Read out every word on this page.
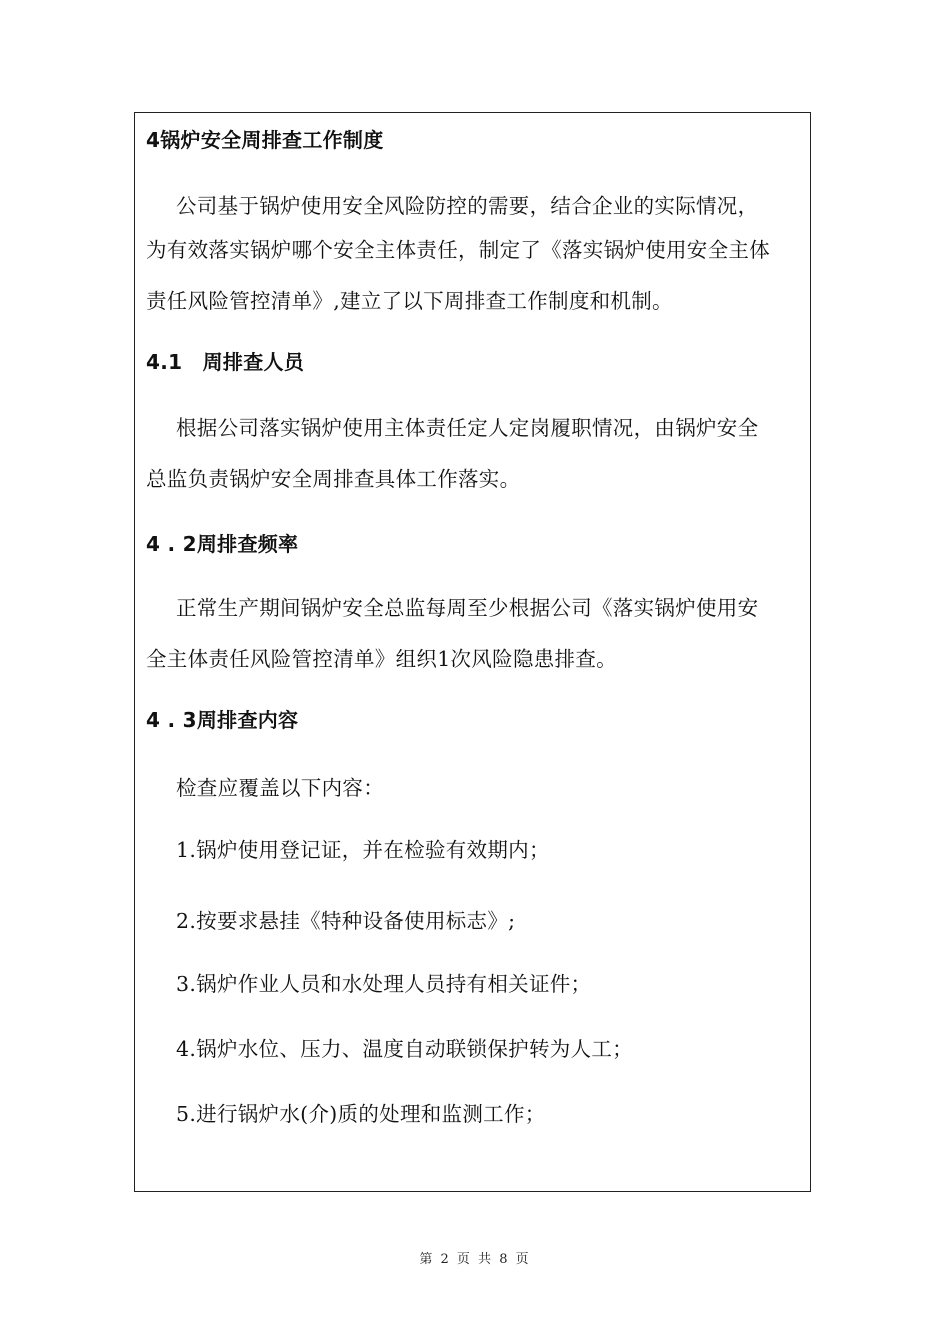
4锅炉安全周排查工作制度
公司基于锅炉使用安全风险防控的需要，结合企业的实际情况，
为有效落实锅炉哪个安全主体责任，制定了《落实锅炉使用安全主体
责任风险管控清单》,建立了以下周排查工作制度和机制。
4.1　周排查人员
根据公司落实锅炉使用主体责任定人定岗履职情况，由锅炉安全
总监负责锅炉安全周排查具体工作落实。
4 . 2周排查频率
正常生产期间锅炉安全总监每周至少根据公司《落实锅炉使用安
全主体责任风险管控清单》组织1次风险隐患排查。
4 . 3周排查内容
检查应覆盖以下内容：
1.锅炉使用登记证，并在检验有效期内；
2.按要求悬挂《特种设备使用标志》;
3.锅炉作业人员和水处理人员持有相关证件；
4.锅炉水位、压力、温度自动联锁保护转为人工；
5.进行锅炉水(介)质的处理和监测工作；
第 2 页 共 8 页
